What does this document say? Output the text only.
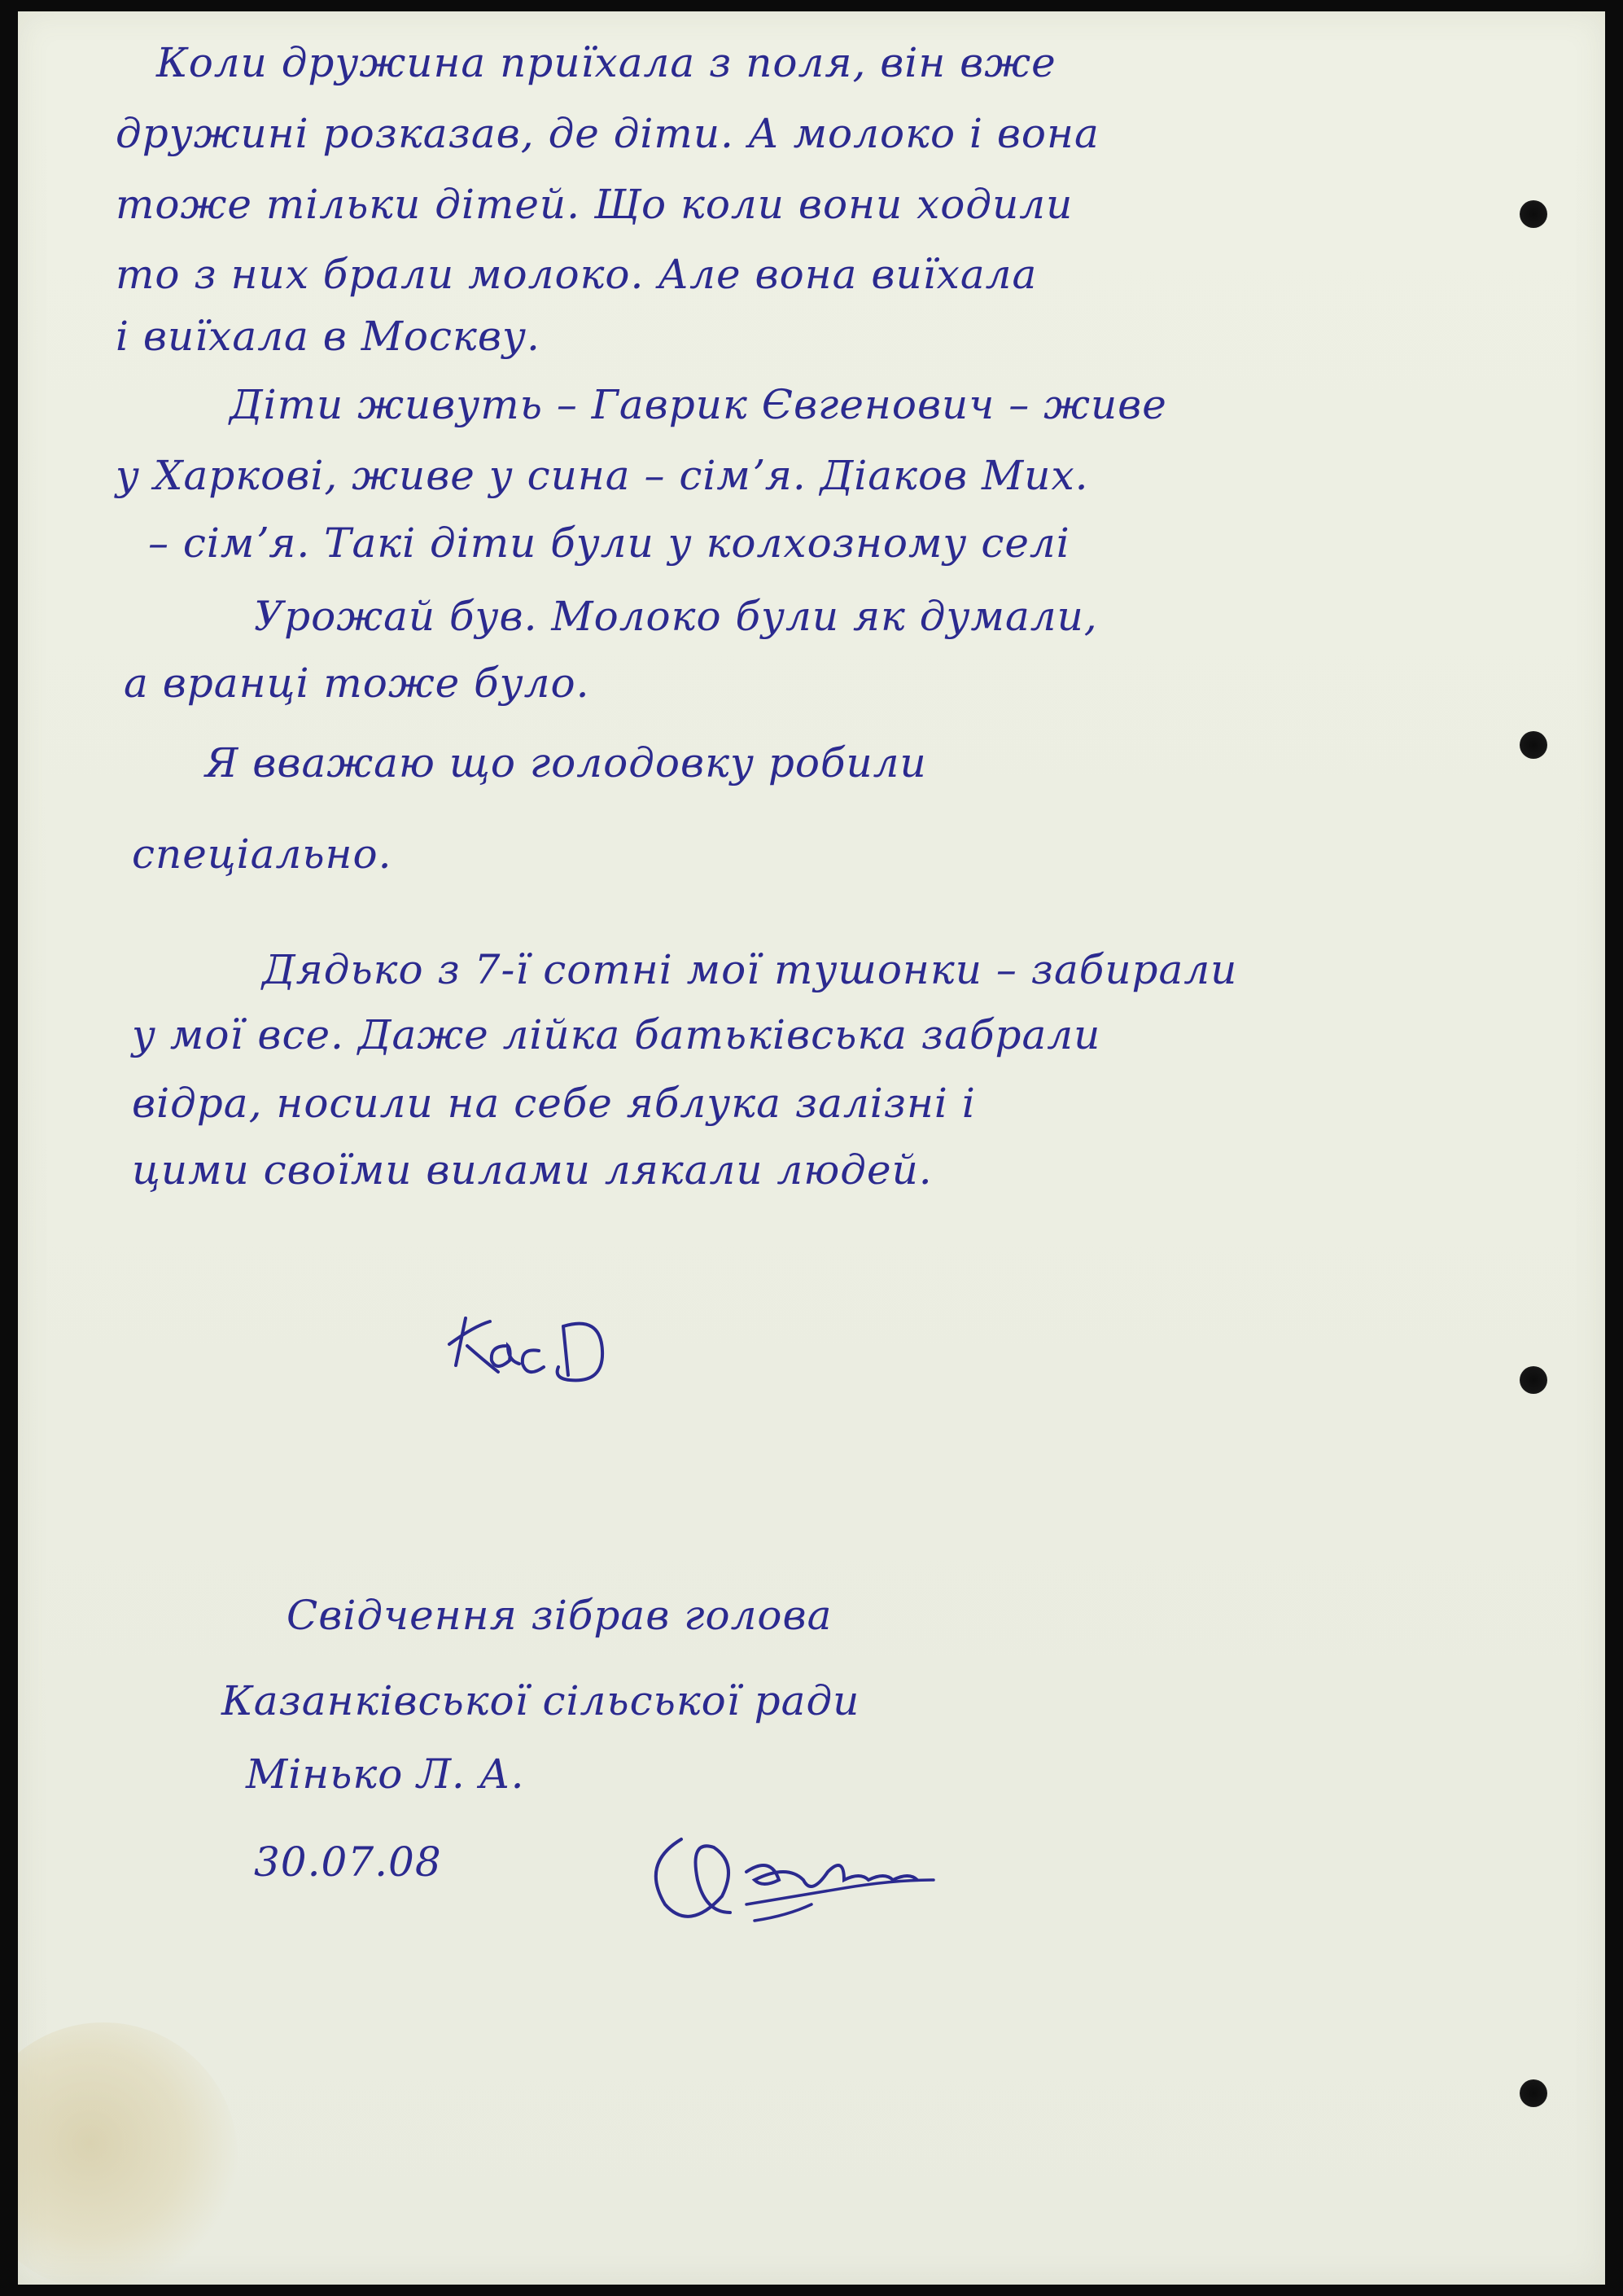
Коли дружина приїхала з поля, він вже
дружині розказав, де діти. А молоко і вона
тоже тільки дітей. Що коли вони ходили
то з них брали молоко. Але вона виїхала
і виїхала в Москву.
Діти живуть – Гаврик Євгенович – живе
у Харкові, живе у сина – сімʼя. Діаков Мих.
– сімʼя. Такі діти були у колхозному селі
Урожай був. Молоко були як думали,
а вранці тоже було.
Я вважаю що голодовку робили
спеціально.
Дядько з 7-ї сотні мої тушонки – забирали
у мої все. Даже лійка батьківська забрали
відра, носили на себе яблука залізні і
цими своїми вилами лякали людей.
Свідчення зібрав голова
Казанківської сільської ради
Мінько Л. А.
30.07.08
